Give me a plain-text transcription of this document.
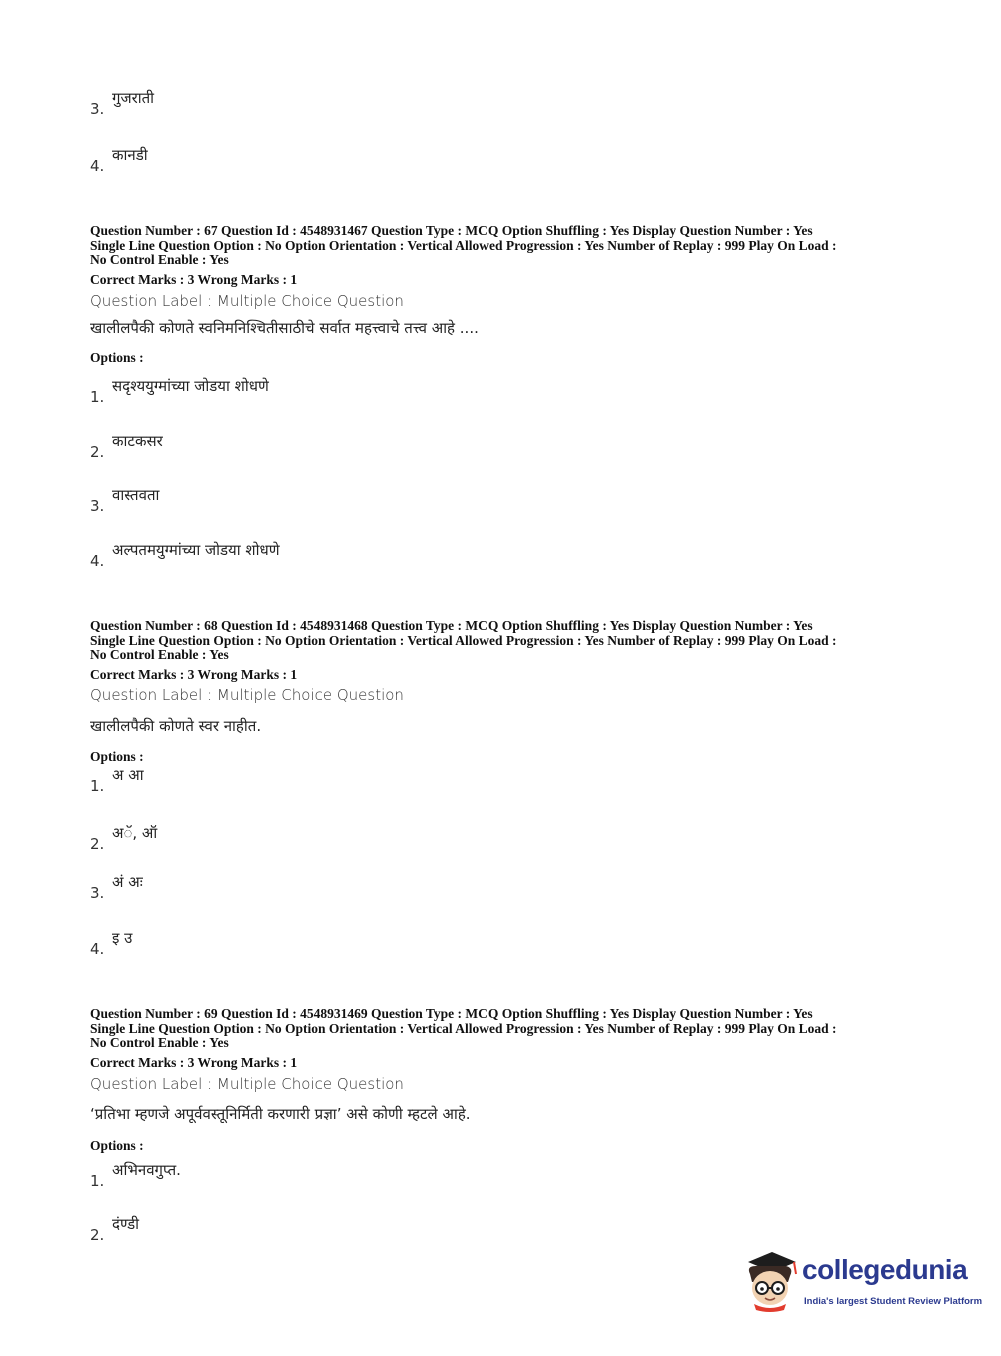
3.
गुजराती
4.
कानडी
Question Number : 67 Question Id : 4548931467 Question Type : MCQ Option Shuffling : Yes Display Question Number : Yes
Single Line Question Option : No Option Orientation : Vertical Allowed Progression : Yes Number of Replay : 999 Play On Load :
No Control Enable : Yes
Correct Marks : 3 Wrong Marks : 1
Question Label : Multiple Choice Question
खालीलपैकी कोणते स्वनिमनिश्चितीसाठीचे सर्वात महत्त्वाचे तत्त्व आहे ....
Options :
1.
सदृश्ययुग्मांच्या जोडया शोधणे
2.
काटकसर
3.
वास्तवता
4.
अल्पतमयुग्मांच्या जोडया शोधणे
Question Number : 68 Question Id : 4548931468 Question Type : MCQ Option Shuffling : Yes Display Question Number : Yes
Single Line Question Option : No Option Orientation : Vertical Allowed Progression : Yes Number of Replay : 999 Play On Load :
No Control Enable : Yes
Correct Marks : 3 Wrong Marks : 1
Question Label : Multiple Choice Question
खालीलपैकी कोणते स्वर नाहीत.
Options :
1.
अ आ
2.
अॅ, ऑ
3.
अं अः
4.
इ उ
Question Number : 69 Question Id : 4548931469 Question Type : MCQ Option Shuffling : Yes Display Question Number : Yes
Single Line Question Option : No Option Orientation : Vertical Allowed Progression : Yes Number of Replay : 999 Play On Load :
No Control Enable : Yes
Correct Marks : 3 Wrong Marks : 1
Question Label : Multiple Choice Question
‘प्रतिभा म्हणजे अपूर्ववस्तूनिर्मिती करणारी प्रज्ञा’ असे कोणी म्हटले आहे.
Options :
1.
अभिनवगुप्त.
2.
दंण्डी
collegedunia
India's largest Student Review Platform
